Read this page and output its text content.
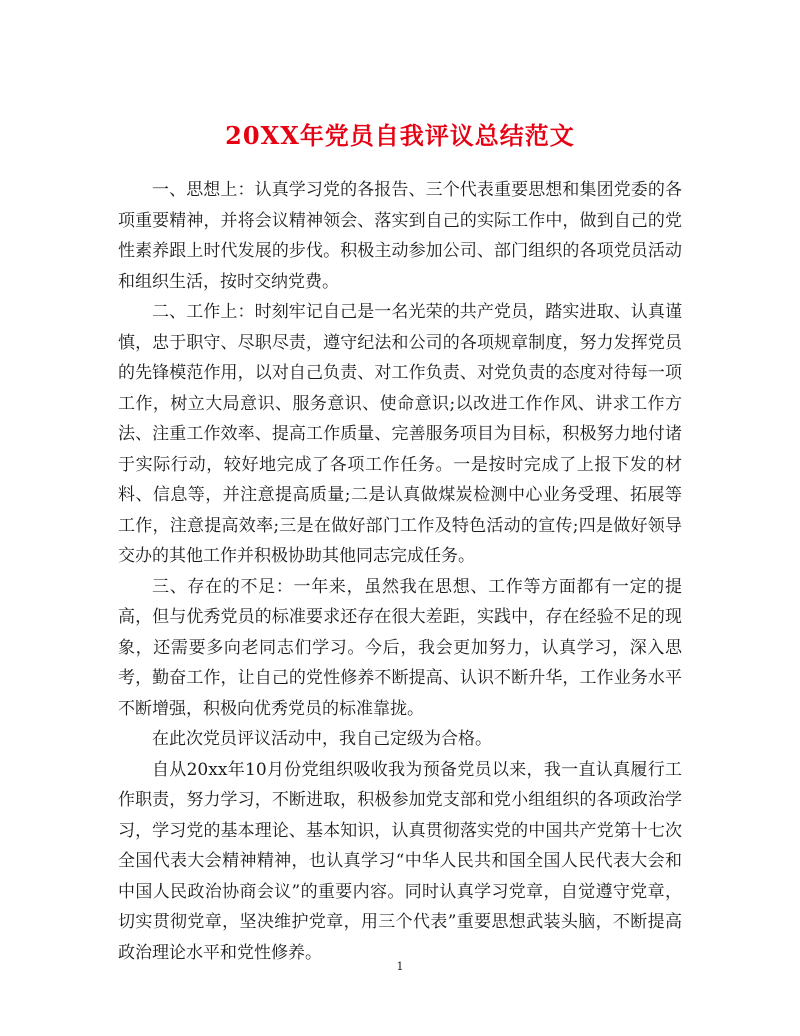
20XX年党员自我评议总结范文

一、思想上：认真学习党的各报告、三个代表重要思想和集团党委的各项重要精神，并将会议精神领会、落实到自己的实际工作中，做到自己的党性素养跟上时代发展的步伐。积极主动参加公司、部门组织的各项党员活动和组织生活，按时交纳党费。

二、工作上：时刻牢记自己是一名光荣的共产党员，踏实进取、认真谨慎，忠于职守、尽职尽责，遵守纪法和公司的各项规章制度，努力发挥党员的先锋模范作用，以对自己负责、对工作负责、对党负责的态度对待每一项工作，树立大局意识、服务意识、使命意识;以改进工作作风、讲求工作方法、注重工作效率、提高工作质量、完善服务项目为目标，积极努力地付诸于实际行动，较好地完成了各项工作任务。一是按时完成了上报下发的材料、信息等，并注意提高质量;二是认真做煤炭检测中心业务受理、拓展等工作，注意提高效率;三是在做好部门工作及特色活动的宣传;四是做好领导交办的其他工作并积极协助其他同志完成任务。

三、存在的不足：一年来，虽然我在思想、工作等方面都有一定的提高，但与优秀党员的标准要求还存在很大差距，实践中，存在经验不足的现象，还需要多向老同志们学习。今后，我会更加努力，认真学习，深入思考，勤奋工作，让自己的党性修养不断提高、认识不断升华，工作业务水平不断增强，积极向优秀党员的标准靠拢。

在此次党员评议活动中，我自己定级为合格。

自从20xx年10月份党组织吸收我为预备党员以来，我一直认真履行工作职责，努力学习，不断进取，积极参加党支部和党小组组织的各项政治学习，学习党的基本理论、基本知识，认真贯彻落实党的中国共产党第十七次全国代表大会精神精神，也认真学习“中华人民共和国全国人民代表大会和中国人民政治协商会议”的重要内容。同时认真学习党章，自觉遵守党章，切实贯彻党章，坚决维护党章，用三个代表”重要思想武装头脑，不断提高政治理论水平和党性修养。

1
